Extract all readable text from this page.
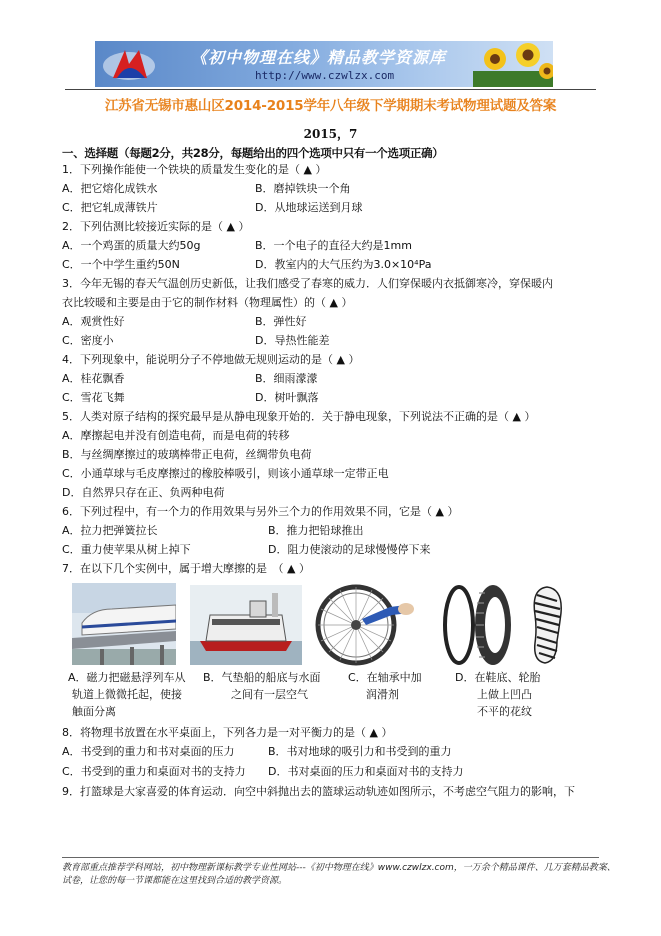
《初中物理在线》精品教学资源库
http://www.czwlzx.com
江苏省无锡市惠山区2014-2015学年八年级下学期期末考试物理试题及答案
2015，7
一、选择题（每题2分，共28分，每题给出的四个选项中只有一个选项正确）
1．下列操作能使一个铁块的质量发生变化的是（ ▲ ）
A．把它熔化成铁水	B．磨掉铁块一个角
C．把它轧成薄铁片	D．从地球运送到月球
2．下列估测比较接近实际的是（ ▲ ）
A．一个鸡蛋的质量大约50g	B．一个电子的直径大约是1mm
C．一个中学生重约50N	D．教室内的大气压约为3.0×10⁴Pa
3．今年无锡的春天气温创历史新低，让我们感受了春寒的威力．人们穿保暖内衣抵御寒冷，穿保暖内
衣比较暖和主要是由于它的制作材料（物理属性）的（ ▲ ）
A．观赏性好	B．弹性好
C．密度小	D．导热性能差
4．下列现象中，能说明分子不停地做无规则运动的是（ ▲ ）
A．桂花飘香	B．细雨濛濛
C．雪花飞舞	D．树叶飘落
5．人类对原子结构的探究最早是从静电现象开始的．关于静电现象，下列说法不正确的是（ ▲ ）
A．摩擦起电并没有创造电荷，而是电荷的转移
B．与丝绸摩擦过的玻璃棒带正电荷，丝绸带负电荷
C．小通草球与毛皮摩擦过的橡胶棒吸引，则该小通草球一定带正电
D．自然界只存在正、负两种电荷
6．下列过程中，有一个力的作用效果与另外三个力的作用效果不同，它是（ ▲ ）
A．拉力把弹簧拉长	B．推力把铅球推出
C．重力使苹果从树上掉下	D．阻力使滚动的足球慢慢停下来
7．在以下几个实例中，属于增大摩擦的是　（ ▲ ）
A．磁力把磁悬浮列车从
轨道上微微托起，使接
触面分离
B．气垫船的船底与水面
之间有一层空气
C．在轴承中加
润滑剂
D．在鞋底、轮胎
上做上凹凸
不平的花纹
8．将物理书放置在水平桌面上，下列各力是一对平衡力的是（ ▲ ）
A．书受到的重力和书对桌面的压力	B．书对地球的吸引力和书受到的重力
C．书受到的重力和桌面对书的支持力 D．书对桌面的压力和桌面对书的支持力
9．打篮球是大家喜爱的体育运动．向空中斜抛出去的篮球运动轨迹如图所示，不考虑空气阻力的影响，下
教育部重点推荐学科网站，初中物理新课标教学专业性网站---《初中物理在线》www.czwlzx.com，一万余个精品课件、几万套精品教案、试卷，让您的每一节课都能在这里找到合适的教学资源。
